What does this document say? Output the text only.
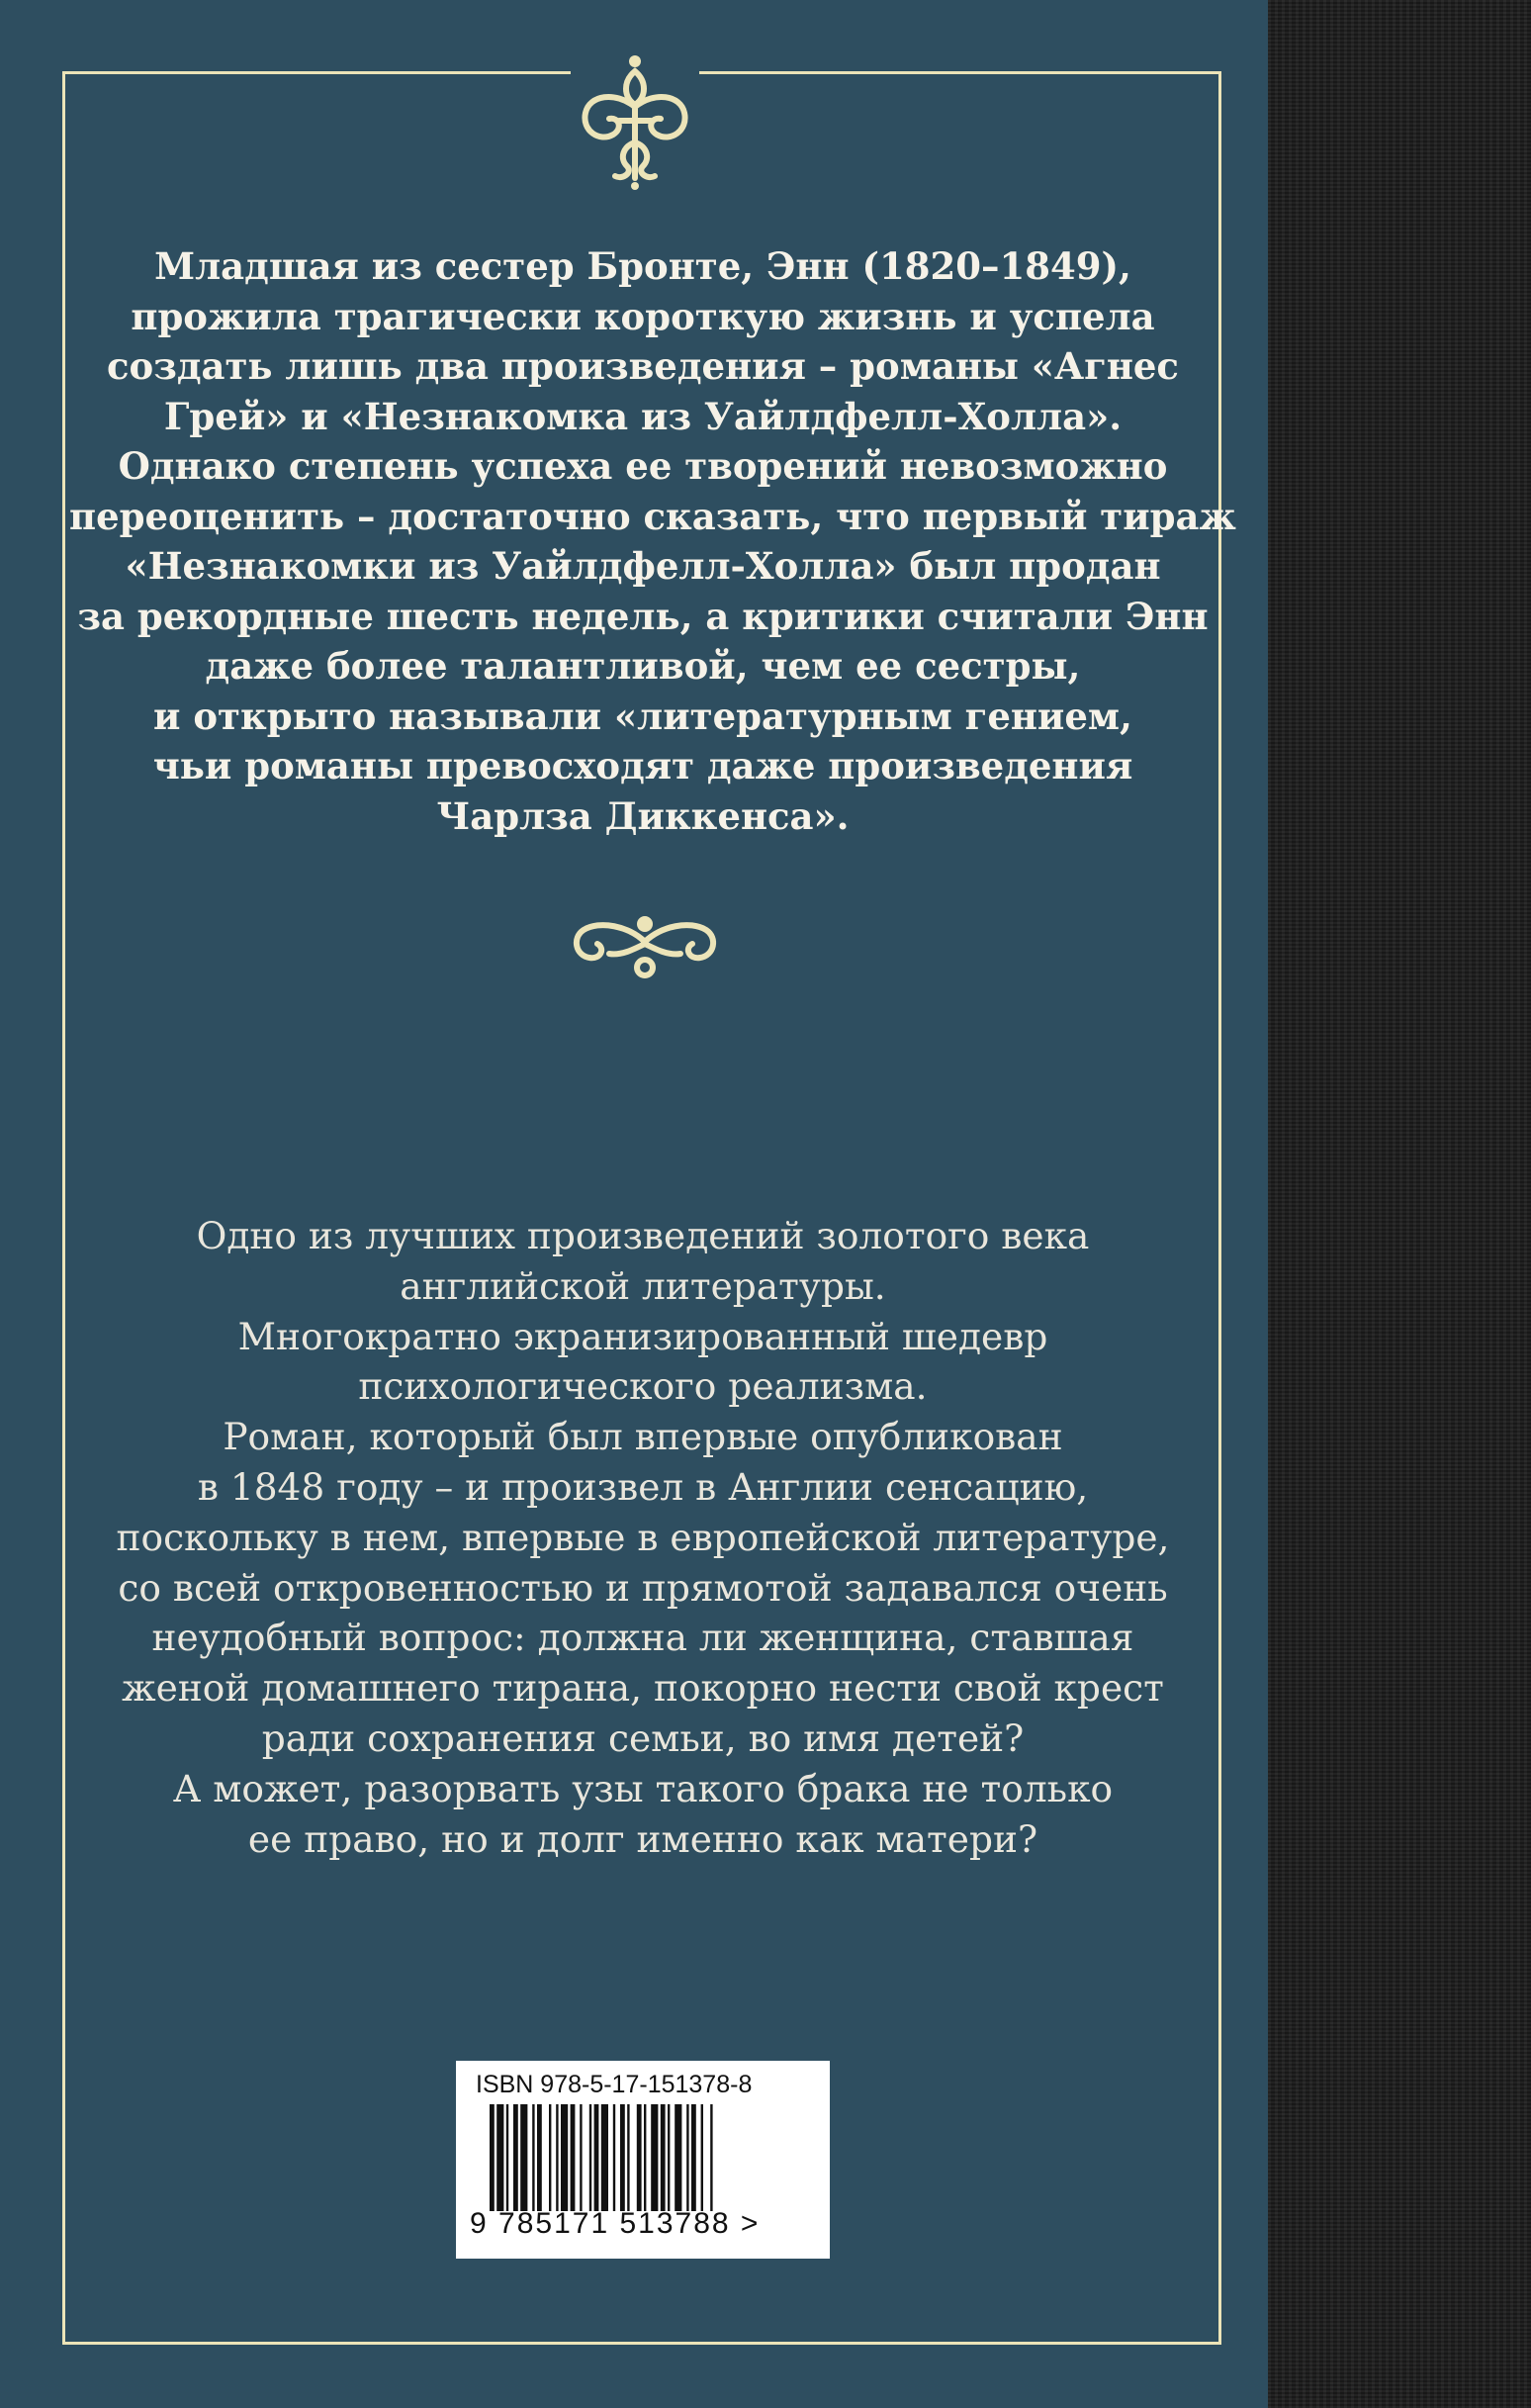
Младшая из сестер Бронте, Энн (1820–1849),
прожила трагически короткую жизнь и успела
создать лишь два произведения – романы «Агнес
Грей» и «Незнакомка из Уайлдфелл-Холла».
Однако степень успеха ее творений невозможно
переоценить – достаточно сказать, что первый тираж
«Незнакомки из Уайлдфелл-Холла» был продан
за рекордные шесть недель, а критики считали Энн
даже более талантливой, чем ее сестры,
и открыто называли «литературным гением,
чьи романы превосходят даже произведения
Чарлза Диккенса».
Одно из лучших произведений золотого века
английской литературы.
Многократно экранизированный шедевр
психологического реализма.
Роман, который был впервые опубликован
в 1848 году – и произвел в Англии сенсацию,
поскольку в нем, впервые в европейской литературе,
со всей откровенностью и прямотой задавался очень
неудобный вопрос: должна ли женщина, ставшая
женой домашнего тирана, покорно нести свой крест
ради сохранения семьи, во имя детей?
А может, разорвать узы такого брака не только
ее право, но и долг именно как матери?
ISBN 978-5-17-151378-8
9 785171 513788 >
